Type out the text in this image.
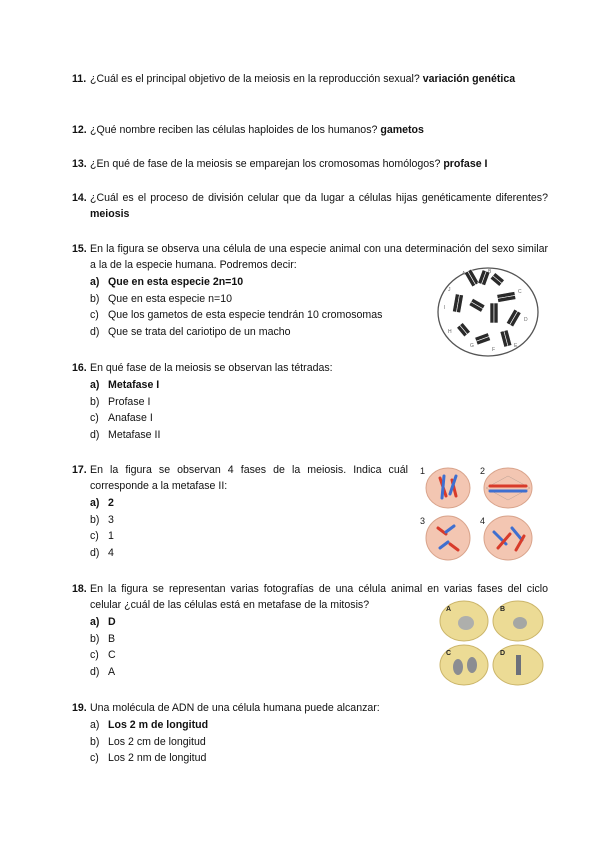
11. ¿Cuál es el principal objetivo de la meiosis en la reproducción sexual? variación genética
12. ¿Qué nombre reciben las células haploides de los humanos? gametos
13. ¿En qué de fase de la meiosis se emparejan los cromosomas homólogos? profase I
14. ¿Cuál es el proceso de división celular que da lugar a células hijas genéticamente diferentes? meiosis
15. En la figura se observa una célula de una especie animal con una determinación del sexo similar a la de la especie humana. Podremos decir:
a) Que en esta especie 2n=10
b) Que en esta especie n=10
c) Que los gametos de esta especie tendrán 10 cromosomas
d) Que se trata del cariotipo de un macho
A	B
C
D
E
F
G
H
I
J
16. En qué fase de la meiosis se observan las tétradas:
a) Metafase I
b) Profase I
c) Anafase I
d) Metafase II
17. En la figura se observan 4 fases de la meiosis. Indica cuál corresponde a la metafase II:
a) 2
b) 3
c) 1
d) 4
1	2
3	4
18. En la figura se representan varias fotografías de una célula animal en varias fases del ciclo celular ¿cuál de las células está en metafase de la mitosis?
a) D
b) B
c) C
d) A
A	B
C	D
19. Una molécula de ADN de una célula humana puede alcanzar:
a) Los 2 m de longitud
b) Los 2 cm de longitud
c) Los 2 nm de longitud
